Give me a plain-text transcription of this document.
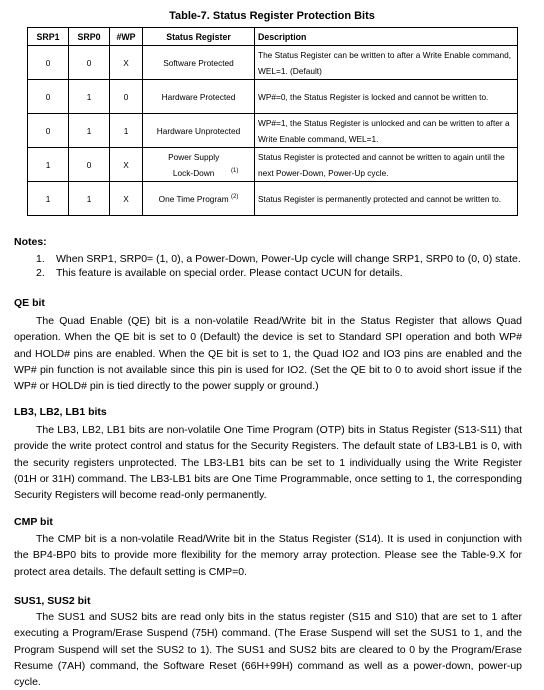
Table-7. Status Register Protection Bits
SRP1	SRP0	#WP	Status Register	Description
0	0	X	Software Protected	The Status Register can be written to after a Write Enable command, WEL=1. (Default)
0	1	0	Hardware Protected	WP#=0, the Status Register is locked and cannot be written to.
0	1	1	Hardware Unprotected	WP#=1, the Status Register is unlocked and can be written to after a Write Enable command, WEL=1.
1	0	X	Power Supply Lock-Down $^{(1)}$	Status Register is protected and cannot be written to again until the next Power-Down, Power-Up cycle.
1	1	X	One Time Program $^{(2)}$	Status Register is permanently protected and cannot be written to.
Notes:
1. When SRP1, SRP0= (1, 0), a Power-Down, Power-Up cycle will change SRP1, SRP0 to (0, 0) state.
2. This feature is available on special order. Please contact UCUN for details.
QE bit
The Quad Enable (QE) bit is a non-volatile Read/Write bit in the Status Register that allows Quad operation. When the QE bit is set to 0 (Default) the device is set to Standard SPI operation and both WP# and HOLD# pins are enabled. When the QE bit is set to 1, the Quad IO2 and IO3 pins are enabled and the WP# pin function is not available since this pin is used for IO2. (Set the QE bit to 0 to avoid short issue if the WP# or HOLD# pin is tied directly to the power supply or ground.)
LB3, LB2, LB1 bits
The LB3, LB2, LB1 bits are non-volatile One Time Program (OTP) bits in Status Register (S13-S11) that provide the write protect control and status for the Security Registers. The default state of LB3-LB1 is 0, with the security registers unprotected. The LB3-LB1 bits can be set to 1 individually using the Write Register (01H or 31H) command. The LB3-LB1 bits are One Time Programmable, once setting to 1, the corresponding Security Registers will become read-only permanently.
CMP bit
The CMP bit is a non-volatile Read/Write bit in the Status Register (S14). It is used in conjunction with the BP4-BP0 bits to provide more flexibility for the memory array protection. Please see the Table-9.X for protect area details. The default setting is CMP=0.
SUS1, SUS2 bit
The SUS1 and SUS2 bits are read only bits in the status register (S15 and S10) that are set to 1 after executing a Program/Erase Suspend (75H) command. (The Erase Suspend will set the SUS1 to 1, and the Program Suspend will set the SUS2 to 1). The SUS1 and SUS2 bits are cleared to 0 by the Program/Erase Resume (7AH) command, the Software Reset (66H+99H) command as well as a power-down, power-up cycle.
